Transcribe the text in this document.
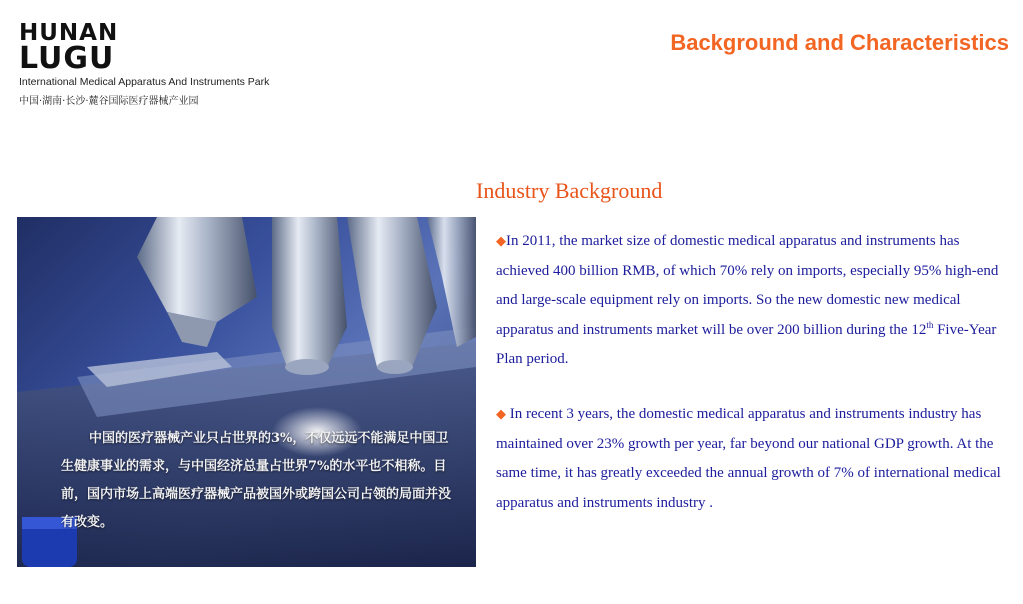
HUNAN
LUGU
International Medical Apparatus And Instruments Park
中国·湖南·长沙·麓谷国际医疗器械产业园
Background and Characteristics
Industry Background
中国的医疗器械产业只占世界的3%，不仅远远不能满足中国卫生健康事业的需求，与中国经济总量占世界7%的水平也不相称。目前，国内市场上高端医疗器械产品被国外或跨国公司占领的局面并没有改变。

◆In 2011, the market size of domestic medical apparatus and instruments has achieved 400 billion RMB, of which 70% rely on imports, especially 95% high-end and large-scale equipment rely on imports. So the new domestic new medical apparatus and instruments market will be over 200 billion during the 12th Five-Year Plan period.

◆ In recent 3 years, the domestic medical apparatus and instruments industry has maintained over 23% growth per year, far beyond our national GDP growth. At the same time, it has greatly exceeded the annual growth of 7% of international medical apparatus and instruments industry .
